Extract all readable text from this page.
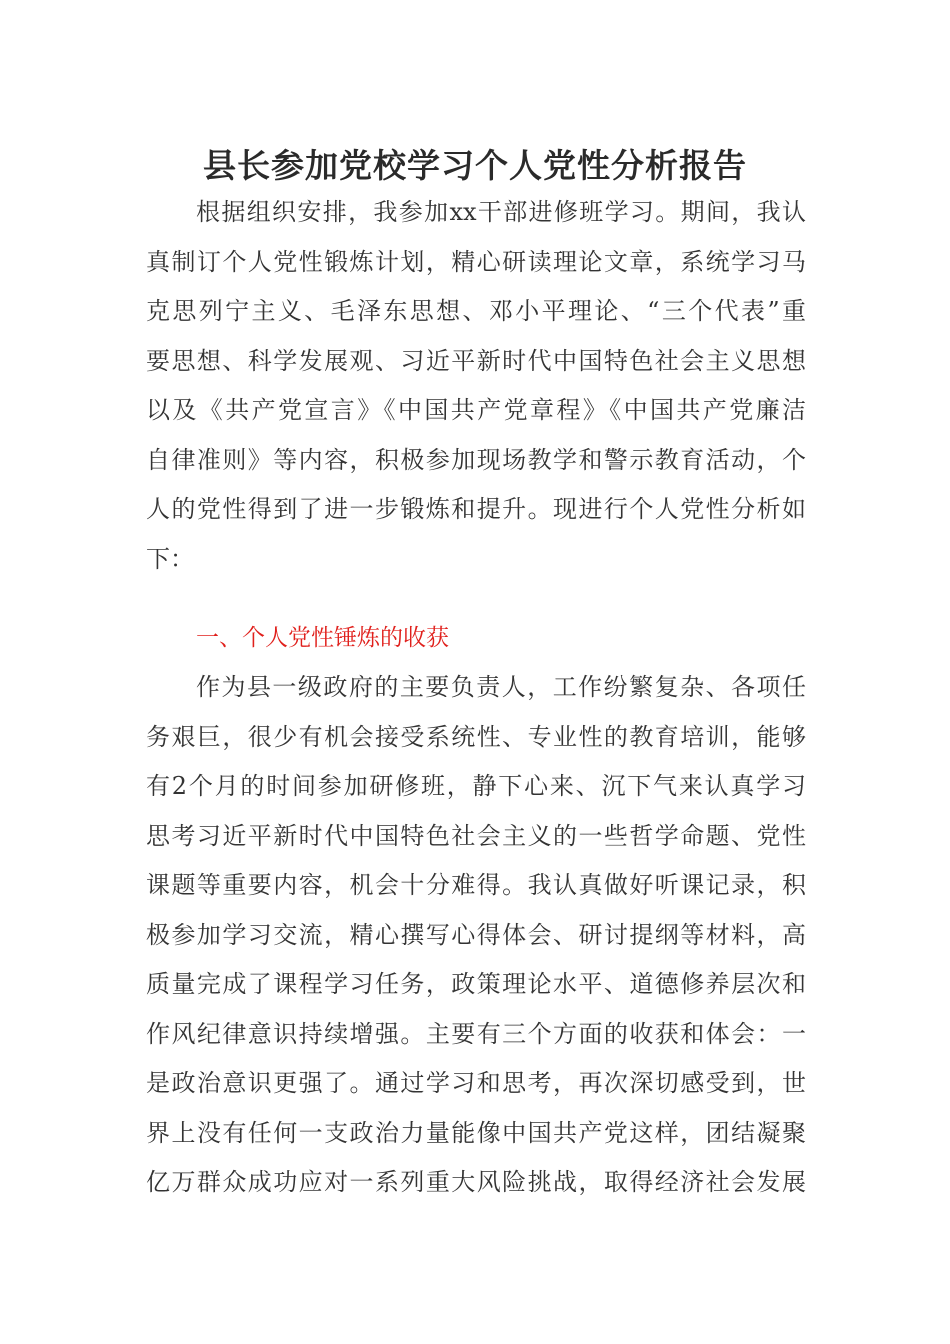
县长参加党校学习个人党性分析报告
根据组织安排，我参加xx干部进修班学习。期间，我认
真制订个人党性锻炼计划，精心研读理论文章，系统学习马
克思列宁主义、毛泽东思想、邓小平理论、“三个代表”重
要思想、科学发展观、习近平新时代中国特色社会主义思想
以及《共产党宣言》《中国共产党章程》《中国共产党廉洁
自律准则》等内容，积极参加现场教学和警示教育活动，个
人的党性得到了进一步锻炼和提升。现进行个人党性分析如
下：
一、个人党性锤炼的收获
作为县一级政府的主要负责人，工作纷繁复杂、各项任
务艰巨，很少有机会接受系统性、专业性的教育培训，能够
有2个月的时间参加研修班，静下心来、沉下气来认真学习
思考习近平新时代中国特色社会主义的一些哲学命题、党性
课题等重要内容，机会十分难得。我认真做好听课记录，积
极参加学习交流，精心撰写心得体会、研讨提纲等材料，高
质量完成了课程学习任务，政策理论水平、道德修养层次和
作风纪律意识持续增强。主要有三个方面的收获和体会：一
是政治意识更强了。通过学习和思考，再次深切感受到，世
界上没有任何一支政治力量能像中国共产党这样，团结凝聚
亿万群众成功应对一系列重大风险挑战，取得经济社会发展
